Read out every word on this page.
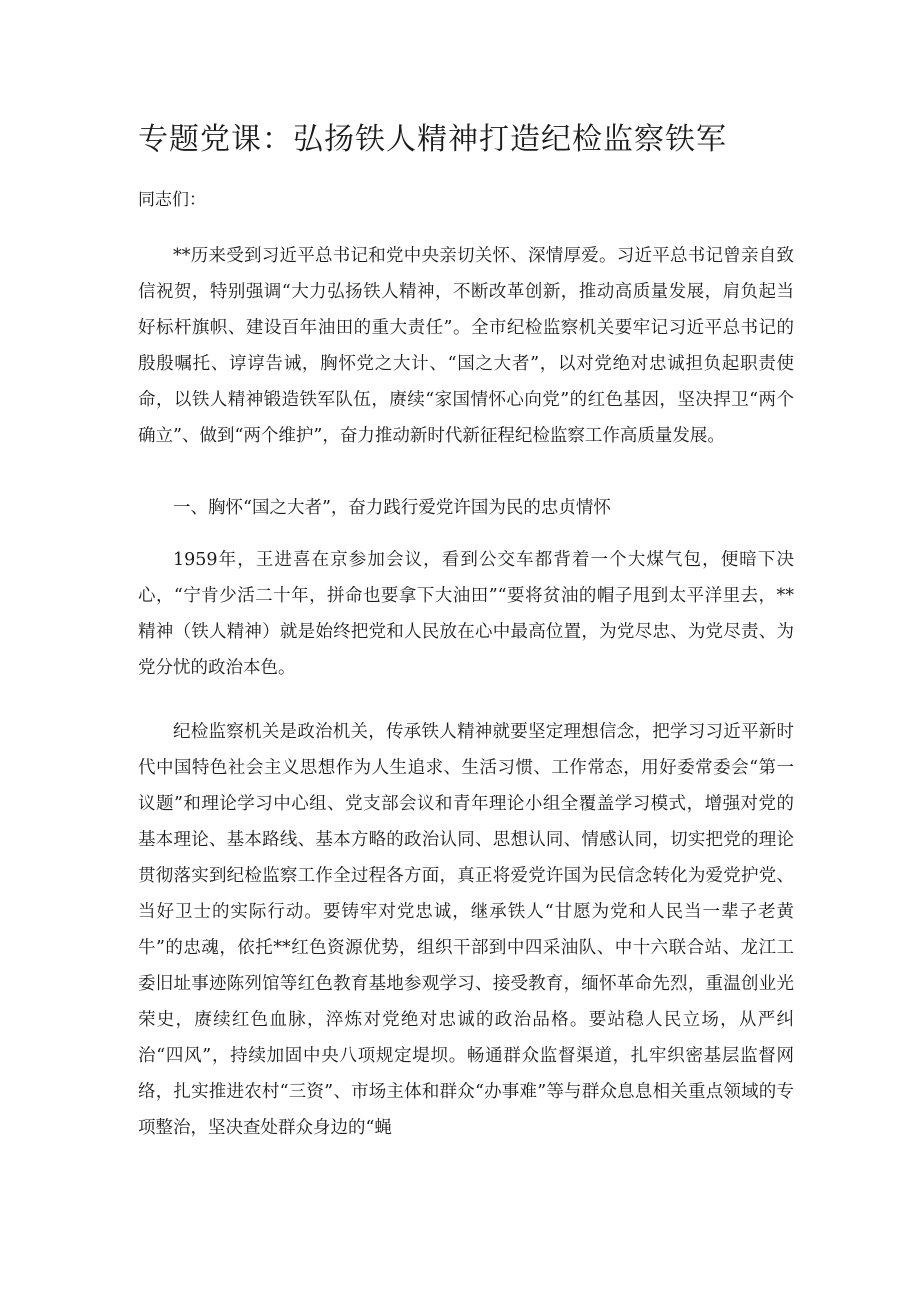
专题党课：弘扬铁人精神打造纪检监察铁军

同志们：

**历来受到习近平总书记和党中央亲切关怀、深情厚爱。习近平总书记曾亲自致信祝贺，特别强调“大力弘扬铁人精神，不断改革创新，推动高质量发展，肩负起当好标杆旗帜、建设百年油田的重大责任”。全市纪检监察机关要牢记习近平总书记的殷殷嘱托、谆谆告诫，胸怀党之大计、“国之大者”，以对党绝对忠诚担负起职责使命，以铁人精神锻造铁军队伍，赓续“家国情怀心向党”的红色基因，坚决捍卫“两个确立”、做到“两个维护”，奋力推动新时代新征程纪检监察工作高质量发展。

一、胸怀“国之大者”，奋力践行爱党许国为民的忠贞情怀

1959年，王进喜在京参加会议，看到公交车都背着一个大煤气包，便暗下决心，“宁肯少活二十年，拼命也要拿下大油田”“要将贫油的帽子甩到太平洋里去，**精神（铁人精神）就是始终把党和人民放在心中最高位置，为党尽忠、为党尽责、为党分忧的政治本色。

纪检监察机关是政治机关，传承铁人精神就要坚定理想信念，把学习习近平新时代中国特色社会主义思想作为人生追求、生活习惯、工作常态，用好委常委会“第一议题”和理论学习中心组、党支部会议和青年理论小组全覆盖学习模式，增强对党的基本理论、基本路线、基本方略的政治认同、思想认同、情感认同，切实把党的理论贯彻落实到纪检监察工作全过程各方面，真正将爱党许国为民信念转化为爱党护党、当好卫士的实际行动。要铸牢对党忠诚，继承铁人“甘愿为党和人民当一辈子老黄牛”的忠魂，依托**红色资源优势，组织干部到中四采油队、中十六联合站、龙江工委旧址事迹陈列馆等红色教育基地参观学习、接受教育，缅怀革命先烈，重温创业光荣史，赓续红色血脉，淬炼对党绝对忠诚的政治品格。要站稳人民立场，从严纠治“四风”，持续加固中央八项规定堤坝。畅通群众监督渠道，扎牢织密基层监督网络，扎实推进农村“三资”、市场主体和群众“办事难”等与群众息息相关重点领域的专项整治，坚决查处群众身边的“蝇
